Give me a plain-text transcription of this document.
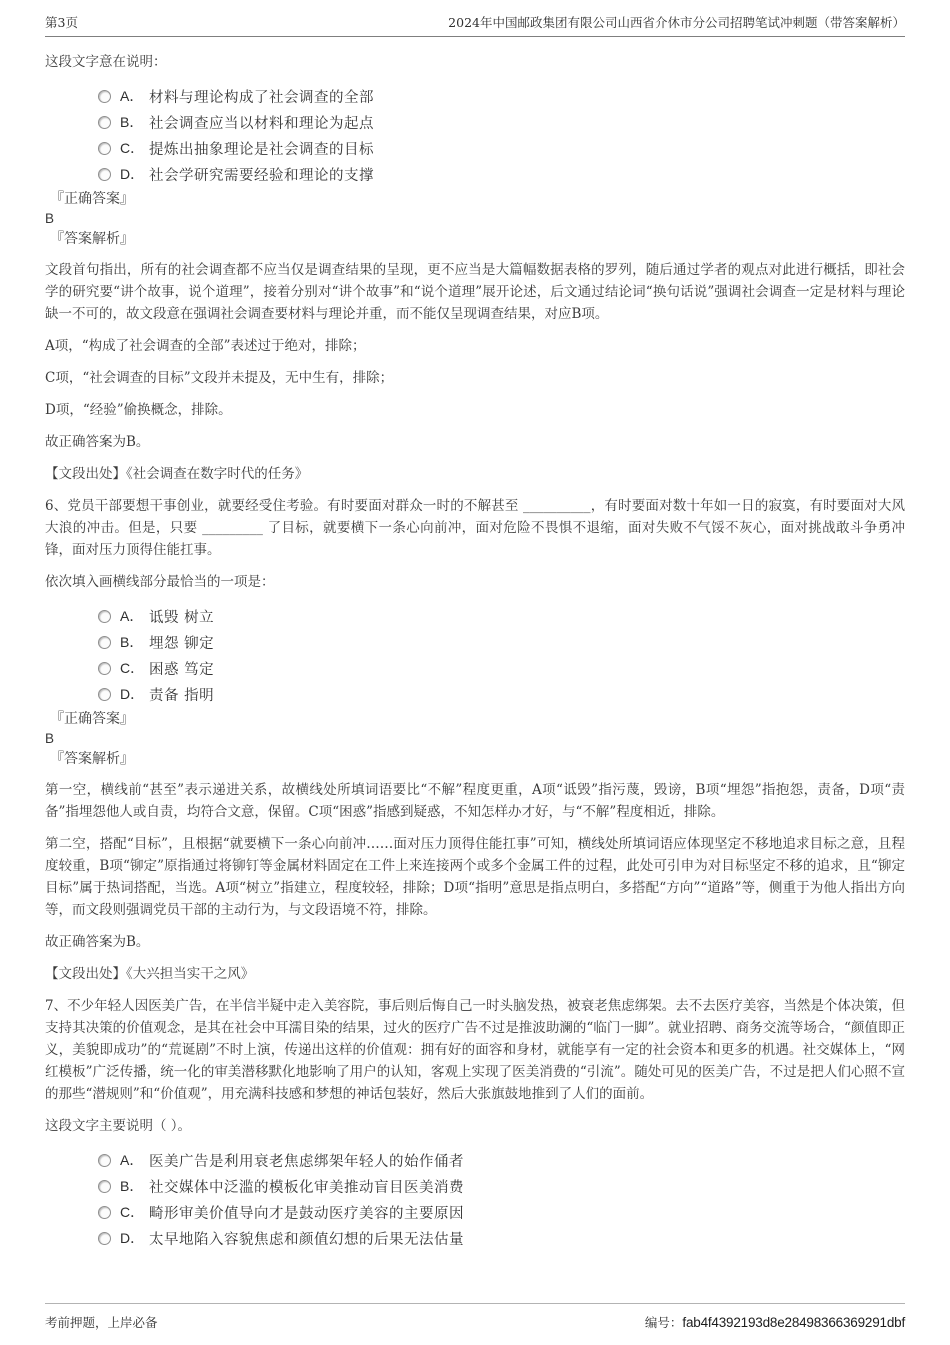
第3页	2024年中国邮政集团有限公司山西省介休市分公司招聘笔试冲刺题（带答案解析）

这段文字意在说明：

A． 材料与理论构成了社会调查的全部
B． 社会调查应当以材料和理论为起点
C． 提炼出抽象理论是社会调查的目标
D． 社会学研究需要经验和理论的支撑

『正确答案』

B

『答案解析』

文段首句指出，所有的社会调查都不应当仅是调查结果的呈现，更不应当是大篇幅数据表格的罗列，随后通过学者的观点对此进行概括，即社会学的研究要“讲个故事，说个道理”，接着分别对“讲个故事”和“说个道理”展开论述，后文通过结论词“换句话说”强调社会调查一定是材料与理论缺一不可的，故文段意在强调社会调查要材料与理论并重，而不能仅呈现调查结果，对应B项。

A项，“构成了社会调查的全部”表述过于绝对，排除；

C项，“社会调查的目标”文段并未提及，无中生有，排除；

D项，“经验”偷换概念，排除。

故正确答案为B。

【文段出处】《社会调查在数字时代的任务》

6、党员干部要想干事创业，就要经受住考验。有时要面对群众一时的不解甚至 __________，有时要面对数十年如一日的寂寞，有时要面对大风大浪的冲击。但是，只要 _________ 了目标，就要横下一条心向前冲，面对危险不畏惧不退缩，面对失败不气馁不灰心，面对挑战敢斗争勇冲锋，面对压力顶得住能扛事。

依次填入画横线部分最恰当的一项是：

A． 诋毁 树立
B． 埋怨 铆定
C． 困惑 笃定
D． 责备 指明

『正确答案』

B

『答案解析』

第一空，横线前“甚至”表示递进关系，故横线处所填词语要比“不解”程度更重，A项“诋毁”指污蔑，毁谤，B项“埋怨”指抱怨，责备，D项“责备”指埋怨他人或自责，均符合文意，保留。C项“困惑”指感到疑惑，不知怎样办才好，与“不解”程度相近，排除。

第二空，搭配“目标”，且根据“就要横下一条心向前冲……面对压力顶得住能扛事”可知，横线处所填词语应体现坚定不移地追求目标之意，且程度较重，B项“铆定”原指通过将铆钉等金属材料固定在工件上来连接两个或多个金属工件的过程，此处可引申为对目标坚定不移的追求，且“铆定目标”属于热词搭配，当选。A项“树立”指建立，程度较轻，排除；D项“指明”意思是指点明白，多搭配“方向”“道路”等，侧重于为他人指出方向等，而文段则强调党员干部的主动行为，与文段语境不符，排除。

故正确答案为B。

【文段出处】《大兴担当实干之风》

7、不少年轻人因医美广告，在半信半疑中走入美容院，事后则后悔自己一时头脑发热，被衰老焦虑绑架。去不去医疗美容，当然是个体决策，但支持其决策的价值观念，是其在社会中耳濡目染的结果，过火的医疗广告不过是推波助澜的“临门一脚”。就业招聘、商务交流等场合，“颜值即正义，美貌即成功”的“荒诞剧”不时上演，传递出这样的价值观：拥有好的面容和身材，就能享有一定的社会资本和更多的机遇。社交媒体上，“网红模板”广泛传播，统一化的审美潜移默化地影响了用户的认知，客观上实现了医美消费的“引流”。随处可见的医美广告，不过是把人们心照不宣的那些“潜规则”和“价值观”，用充满科技感和梦想的神话包装好，然后大张旗鼓地推到了人们的面前。

这段文字主要说明（ ）。

A． 医美广告是利用衰老焦虑绑架年轻人的始作俑者
B． 社交媒体中泛滥的模板化审美推动盲目医美消费
C． 畸形审美价值导向才是鼓动医疗美容的主要原因
D． 太早地陷入容貌焦虑和颜值幻想的后果无法估量
考前押题，上岸必备	编号：fab4f4392193d8e28498366369291dbf
